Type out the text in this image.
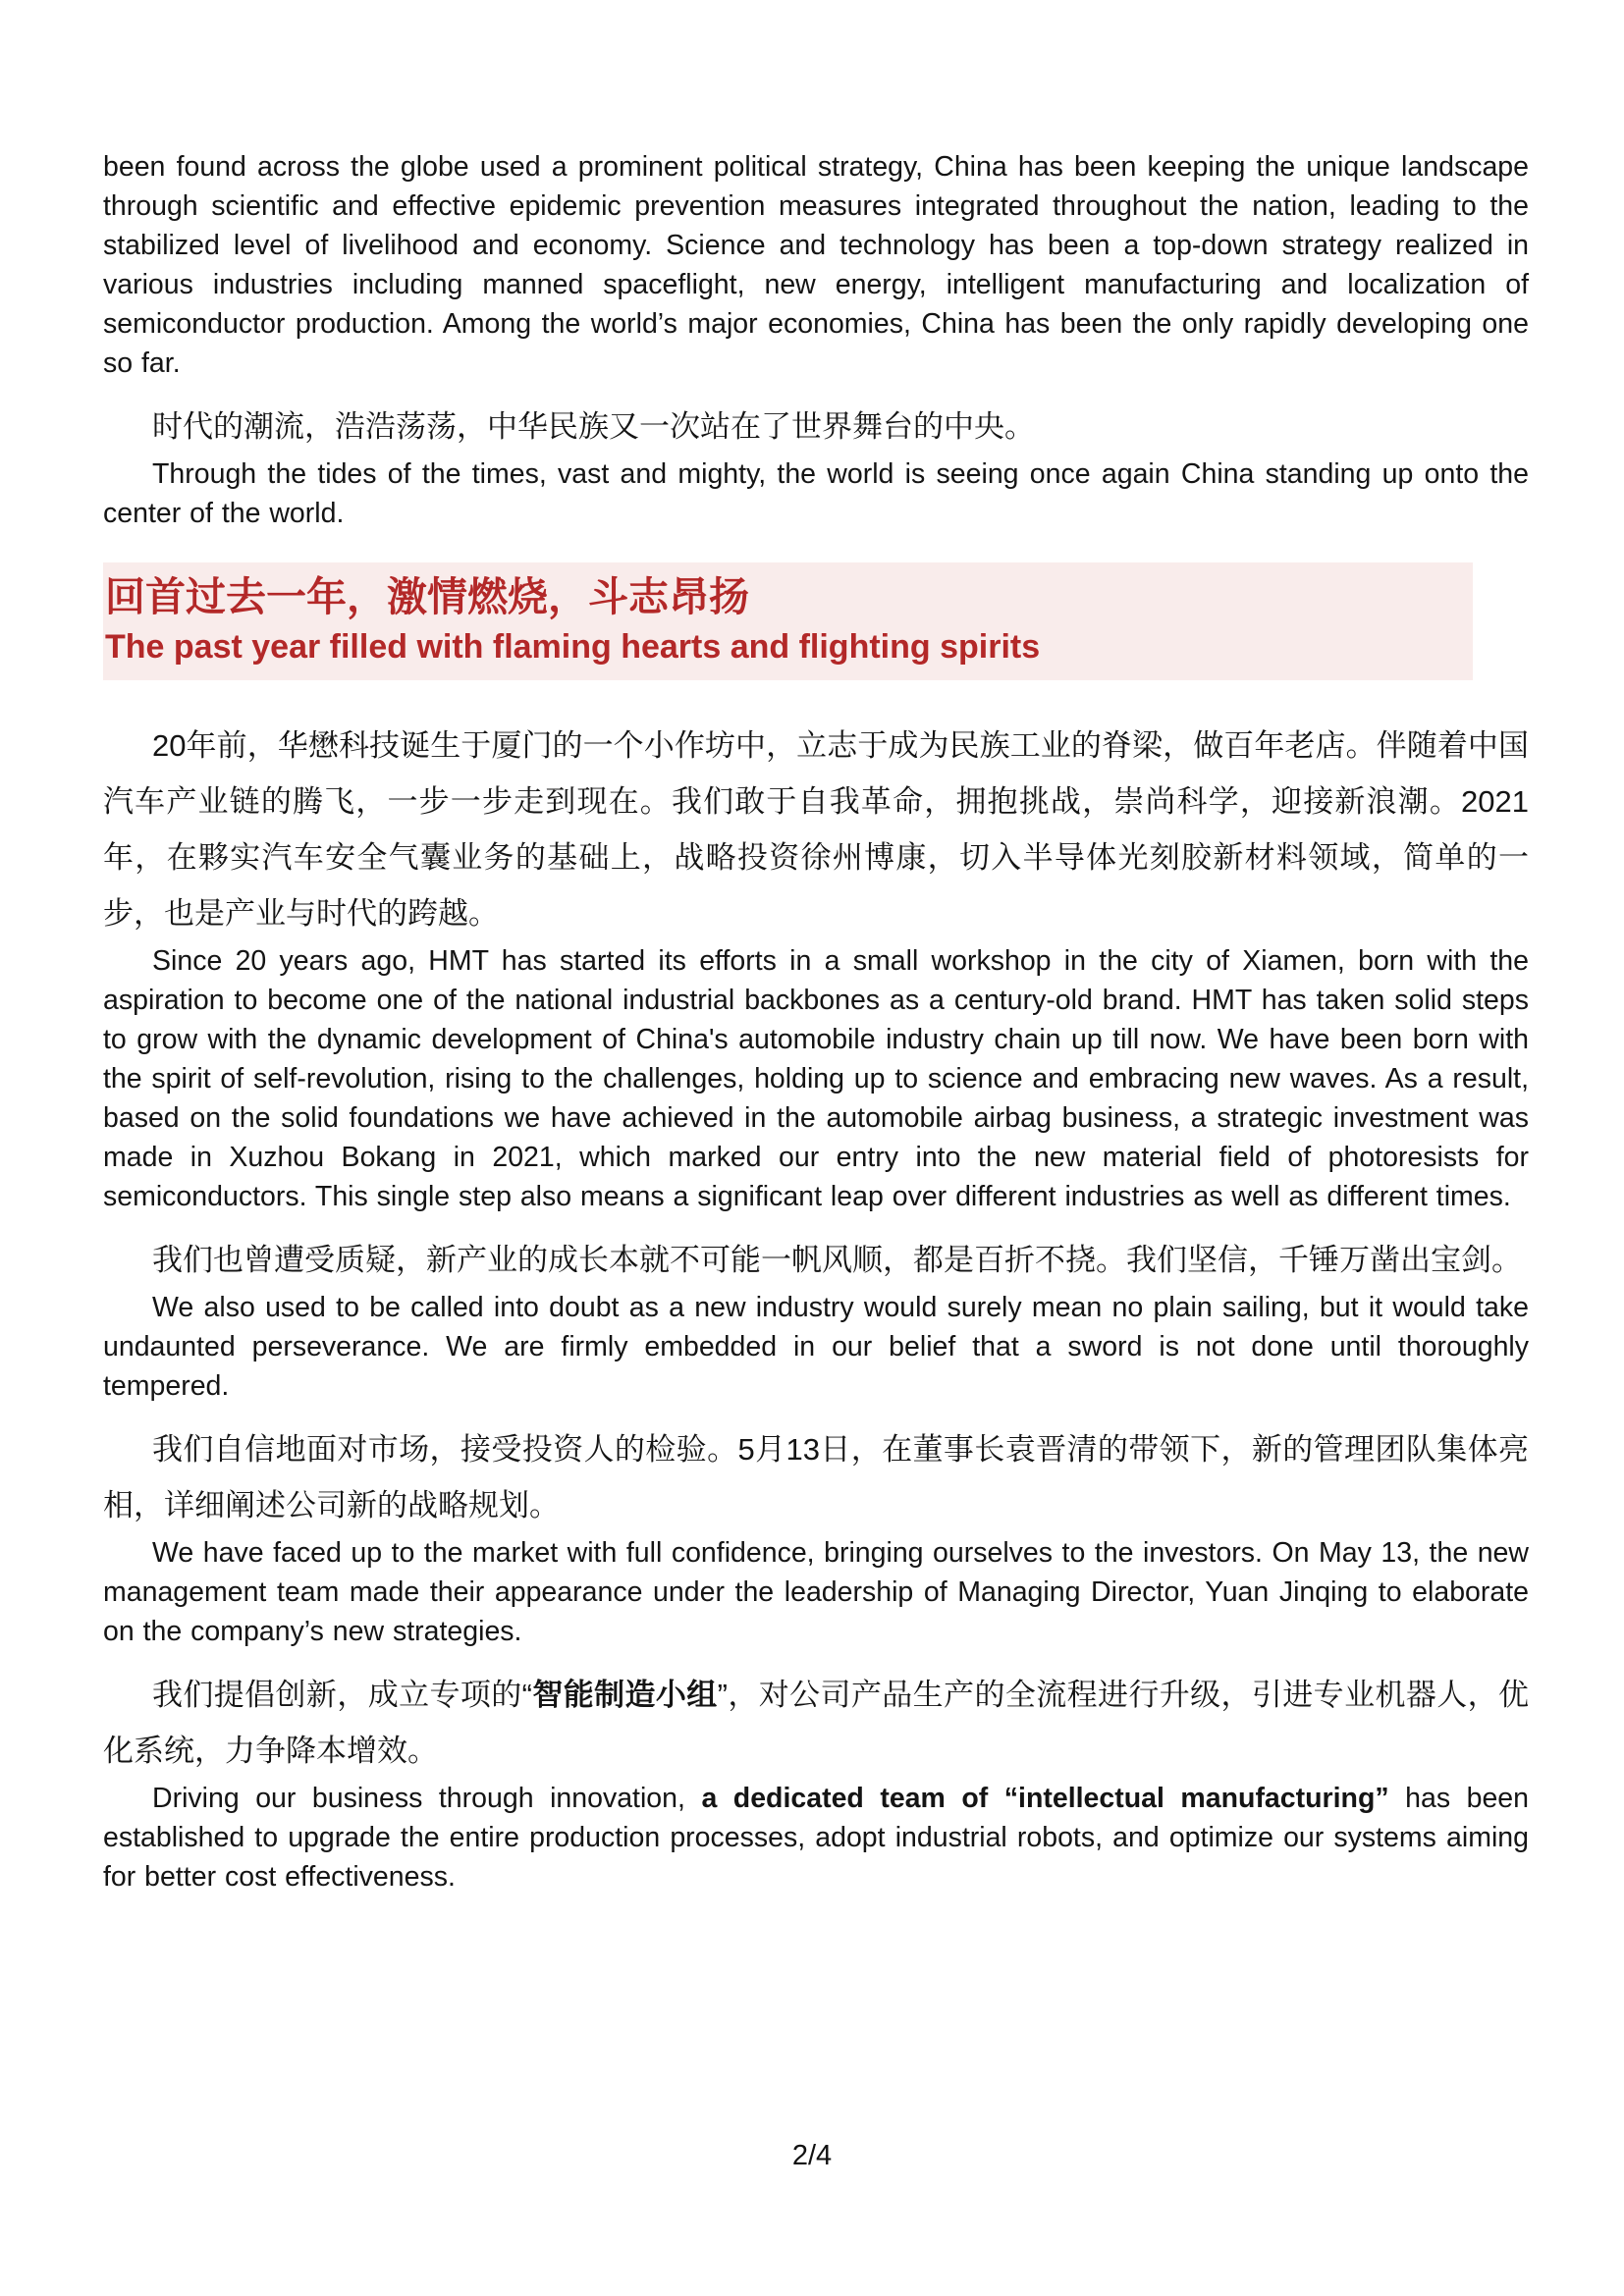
been found across the globe used a prominent political strategy, China has been keeping the unique landscape through scientific and effective epidemic prevention measures integrated throughout the nation, leading to the stabilized level of livelihood and economy. Science and technology has been a top-down strategy realized in various industries including manned spaceflight, new energy, intelligent manufacturing and localization of semiconductor production. Among the world’s major economies, China has been the only rapidly developing one so far.

时代的潮流，浩浩荡荡，中华民族又一次站在了世界舞台的中央。

Through the tides of the times, vast and mighty, the world is seeing once again China standing up onto the center of the world.

回首过去一年，激情燃烧，斗志昂扬
The past year filled with flaming hearts and flighting spirits

20年前，华懋科技诞生于厦门的一个小作坊中，立志于成为民族工业的脊梁，做百年老店。伴随着中国汽车产业链的腾飞，一步一步走到现在。我们敢于自我革命，拥抱挑战，崇尚科学，迎接新浪潮。2021年，在夥实汽车安全气囊业务的基础上，战略投资徐州博康，切入半导体光刻胶新材料领域，简单的一步，也是产业与时代的跨越。

Since 20 years ago, HMT has started its efforts in a small workshop in the city of Xiamen, born with the aspiration to become one of the national industrial backbones as a century-old brand. HMT has taken solid steps to grow with the dynamic development of China's automobile industry chain up till now. We have been born with the spirit of self-revolution, rising to the challenges, holding up to science and embracing new waves. As a result, based on the solid foundations we have achieved in the automobile airbag business, a strategic investment was made in Xuzhou Bokang in 2021, which marked our entry into the new material field of photoresists for semiconductors. This single step also means a significant leap over different industries as well as different times.

我们也曾遭受质疑，新产业的成长本就不可能一帆风顺，都是百折不挠。我们坚信，千锤万凿出宝剑。

We also used to be called into doubt as a new industry would surely mean no plain sailing, but it would take undaunted perseverance. We are firmly embedded in our belief that a sword is not done until thoroughly tempered.

我们自信地面对市场，接受投资人的检验。5月13日，在董事长袁晋清的带领下，新的管理团队集体亮相，详细阐述公司新的战略规划。

We have faced up to the market with full confidence, bringing ourselves to the investors. On May 13, the new management team made their appearance under the leadership of Managing Director, Yuan Jinqing to elaborate on the company’s new strategies.

我们提倡创新，成立专项的“智能制造小组”，对公司产品生产的全流程进行升级，引进专业机器人，优化系统，力争降本增效。

Driving our business through innovation, a dedicated team of “intellectual manufacturing” has been established to upgrade the entire production processes, adopt industrial robots, and optimize our systems aiming for better cost effectiveness.

2/4
